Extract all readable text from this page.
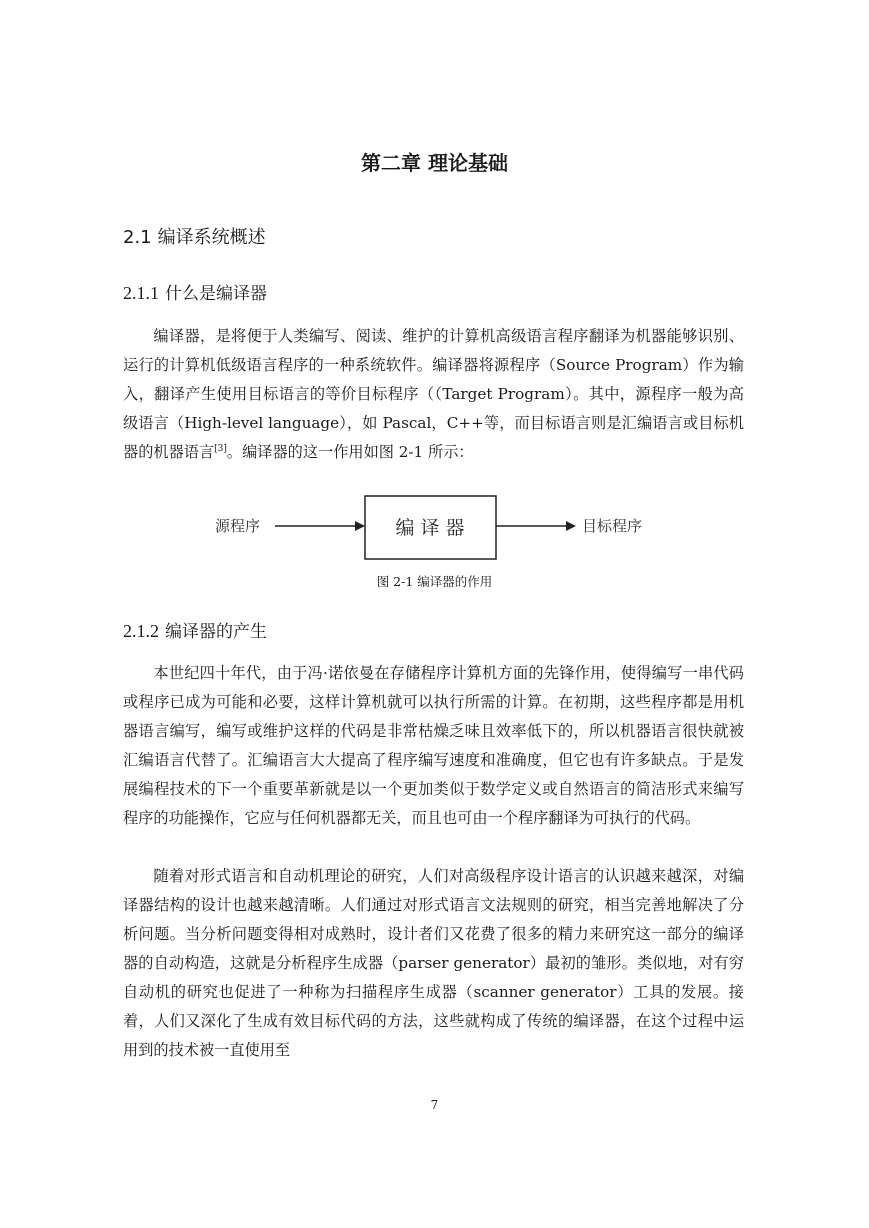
第二章 理论基础
2.1 编译系统概述
2.1.1 什么是编译器

编译器，是将便于人类编写、阅读、维护的计算机高级语言程序翻译为机器能够识别、运行的计算机低级语言程序的一种系统软件。编译器将源程序（Source Program）作为输入，翻译产生使用目标语言的等价目标程序（（Target Program）。其中，源程序一般为高级语言（High-level language），如 Pascal，C++等，而目标语言则是汇编语言或目标机器的机器语言[3]。编译器的这一作用如图 2-1 所示：

源程序	编 译 器	目标程序
图 2-1 编译器的作用
2.1.2 编译器的产生

本世纪四十年代，由于冯·诺依曼在存储程序计算机方面的先锋作用，使得编写一串代码或程序已成为可能和必要，这样计算机就可以执行所需的计算。在初期，这些程序都是用机器语言编写，编写或维护这样的代码是非常枯燥乏味且效率低下的，所以机器语言很快就被汇编语言代替了。汇编语言大大提高了程序编写速度和准确度，但它也有许多缺点。于是发展编程技术的下一个重要革新就是以一个更加类似于数学定义或自然语言的简洁形式来编写程序的功能操作，它应与任何机器都无关，而且也可由一个程序翻译为可执行的代码。

随着对形式语言和自动机理论的研究，人们对高级程序设计语言的认识越来越深，对编译器结构的设计也越来越清晰。人们通过对形式语言文法规则的研究，相当完善地解决了分析问题。当分析问题变得相对成熟时，设计者们又花费了很多的精力来研究这一部分的编译器的自动构造，这就是分析程序生成器（parser generator）最初的雏形。类似地，对有穷自动机的研究也促进了一种称为扫描程序生成器（scanner generator）工具的发展。接着，人们又深化了生成有效目标代码的方法，这些就构成了传统的编译器，在这个过程中运用到的技术被一直使用至

7
